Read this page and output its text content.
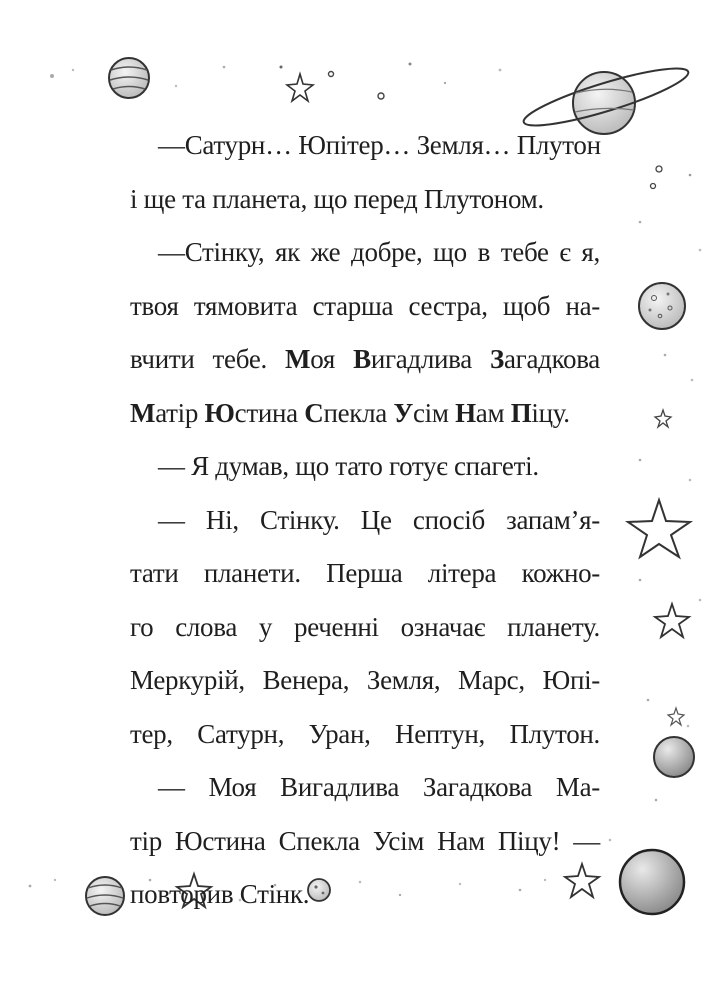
—Сатурн… Юпітер… Земля… Плутон
і ще та планета, що перед Плутоном.
—Стінку, як же добре, що в тебе є я,
твоя тямовита старша сестра, щоб на-
вчити тебе. Моя Вигадлива Загадкова
Матір Юстина Спекла Усім Нам Піцу.
— Я думав, що тато готує спагеті.
— Ні, Стінку. Це спосіб запам’я-
тати планети. Перша літера кожно-
го слова у реченні означає планету.
Меркурій, Венера, Земля, Марс, Юпі-
тер, Сатурн, Уран, Нептун, Плутон.
— Моя Вигадлива Загадкова Ма-
тір Юстина Спекла Усім Нам Піцу! —
повторив Стінк.
